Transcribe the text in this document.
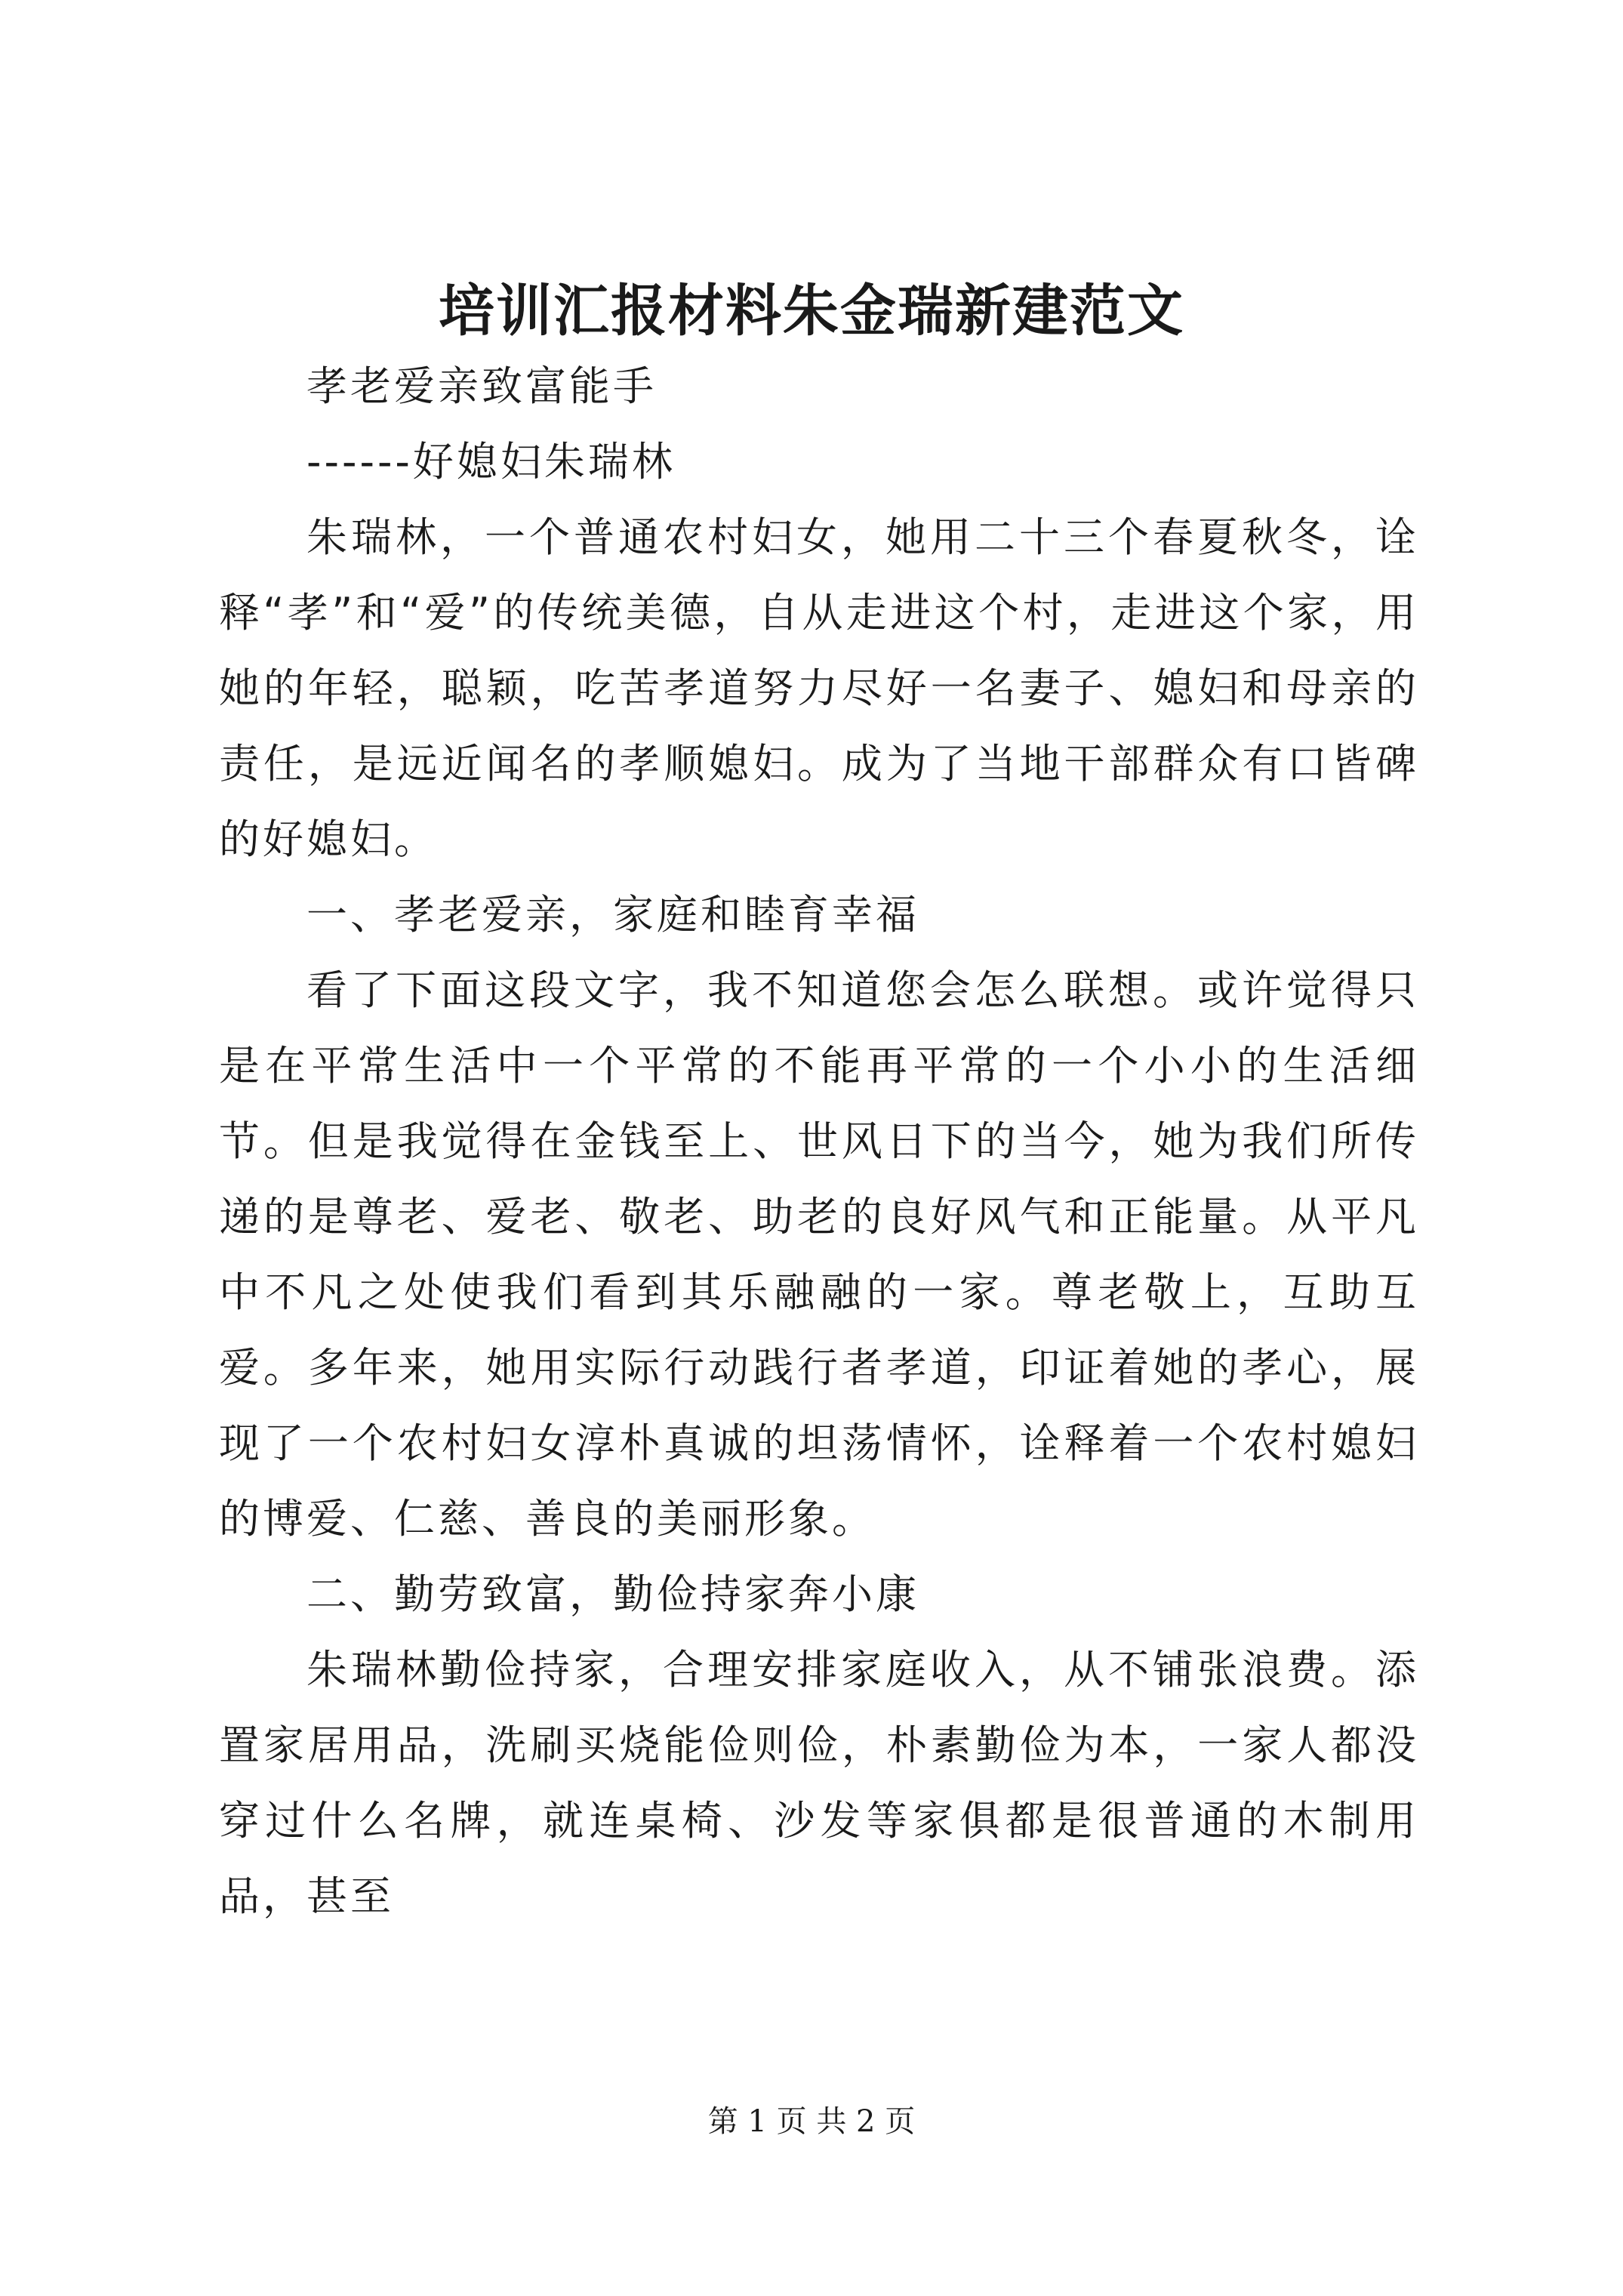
培训汇报材料朱金瑞新建范文

孝老爱亲致富能手

------好媳妇朱瑞林

朱瑞林，一个普通农村妇女，她用二十三个春夏秋冬，诠释“孝”和“爱”的传统美德，自从走进这个村，走进这个家，用她的年轻，聪颖，吃苦孝道努力尽好一名妻子、媳妇和母亲的责任，是远近闻名的孝顺媳妇。成为了当地干部群众有口皆碑的好媳妇。

一、孝老爱亲，家庭和睦育幸福

看了下面这段文字，我不知道您会怎么联想。或许觉得只是在平常生活中一个平常的不能再平常的一个小小的生活细节。但是我觉得在金钱至上、世风日下的当今，她为我们所传递的是尊老、爱老、敬老、助老的良好风气和正能量。从平凡中不凡之处使我们看到其乐融融的一家。尊老敬上，互助互爱。多年来，她用实际行动践行者孝道，印证着她的孝心，展现了一个农村妇女淳朴真诚的坦荡情怀，诠释着一个农村媳妇的博爱、仁慈、善良的美丽形象。

二、勤劳致富，勤俭持家奔小康

朱瑞林勤俭持家，合理安排家庭收入，从不铺张浪费。添置家居用品，洗刷买烧能俭则俭，朴素勤俭为本，一家人都没穿过什么名牌，就连桌椅、沙发等家俱都是很普通的木制用品，甚至

第 1 页 共 2 页
